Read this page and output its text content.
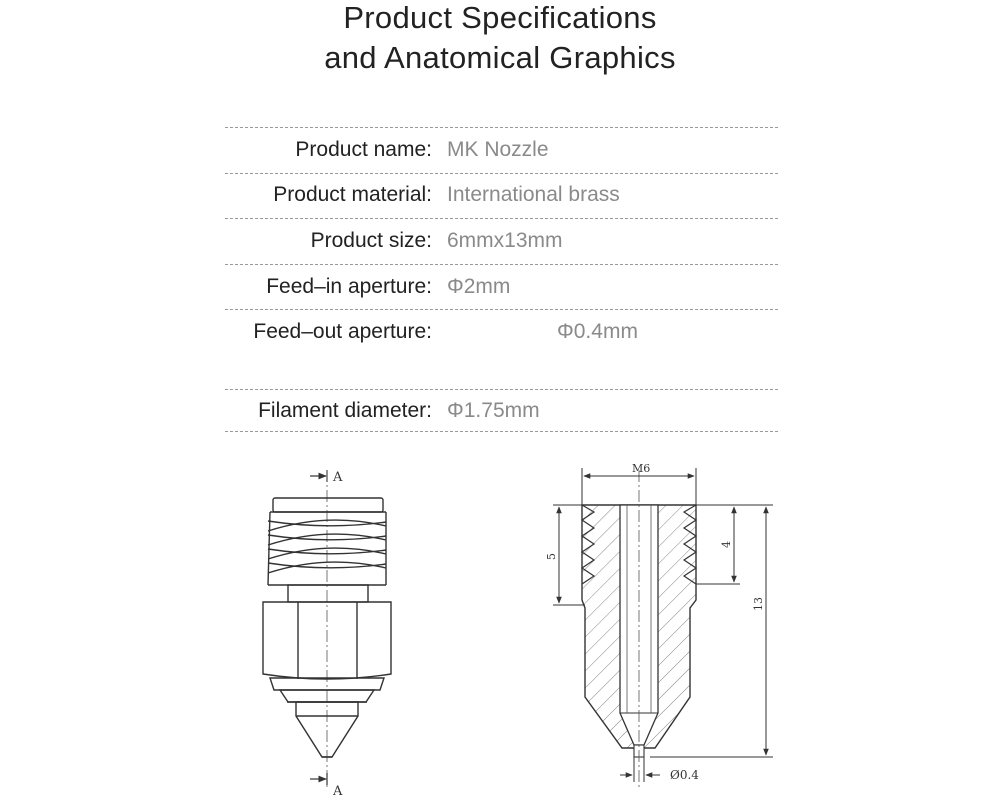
Product Specifications
and Anatomical Graphics
Product name: MK Nozzle
Product material: International brass
Product size: 6mmx13mm
Feed–in aperture: Φ2mm
Feed–out aperture:	Φ0.4mm
Filament diameter: Φ1.75mm
A
A
M6
5
4
13
Ø0.4
